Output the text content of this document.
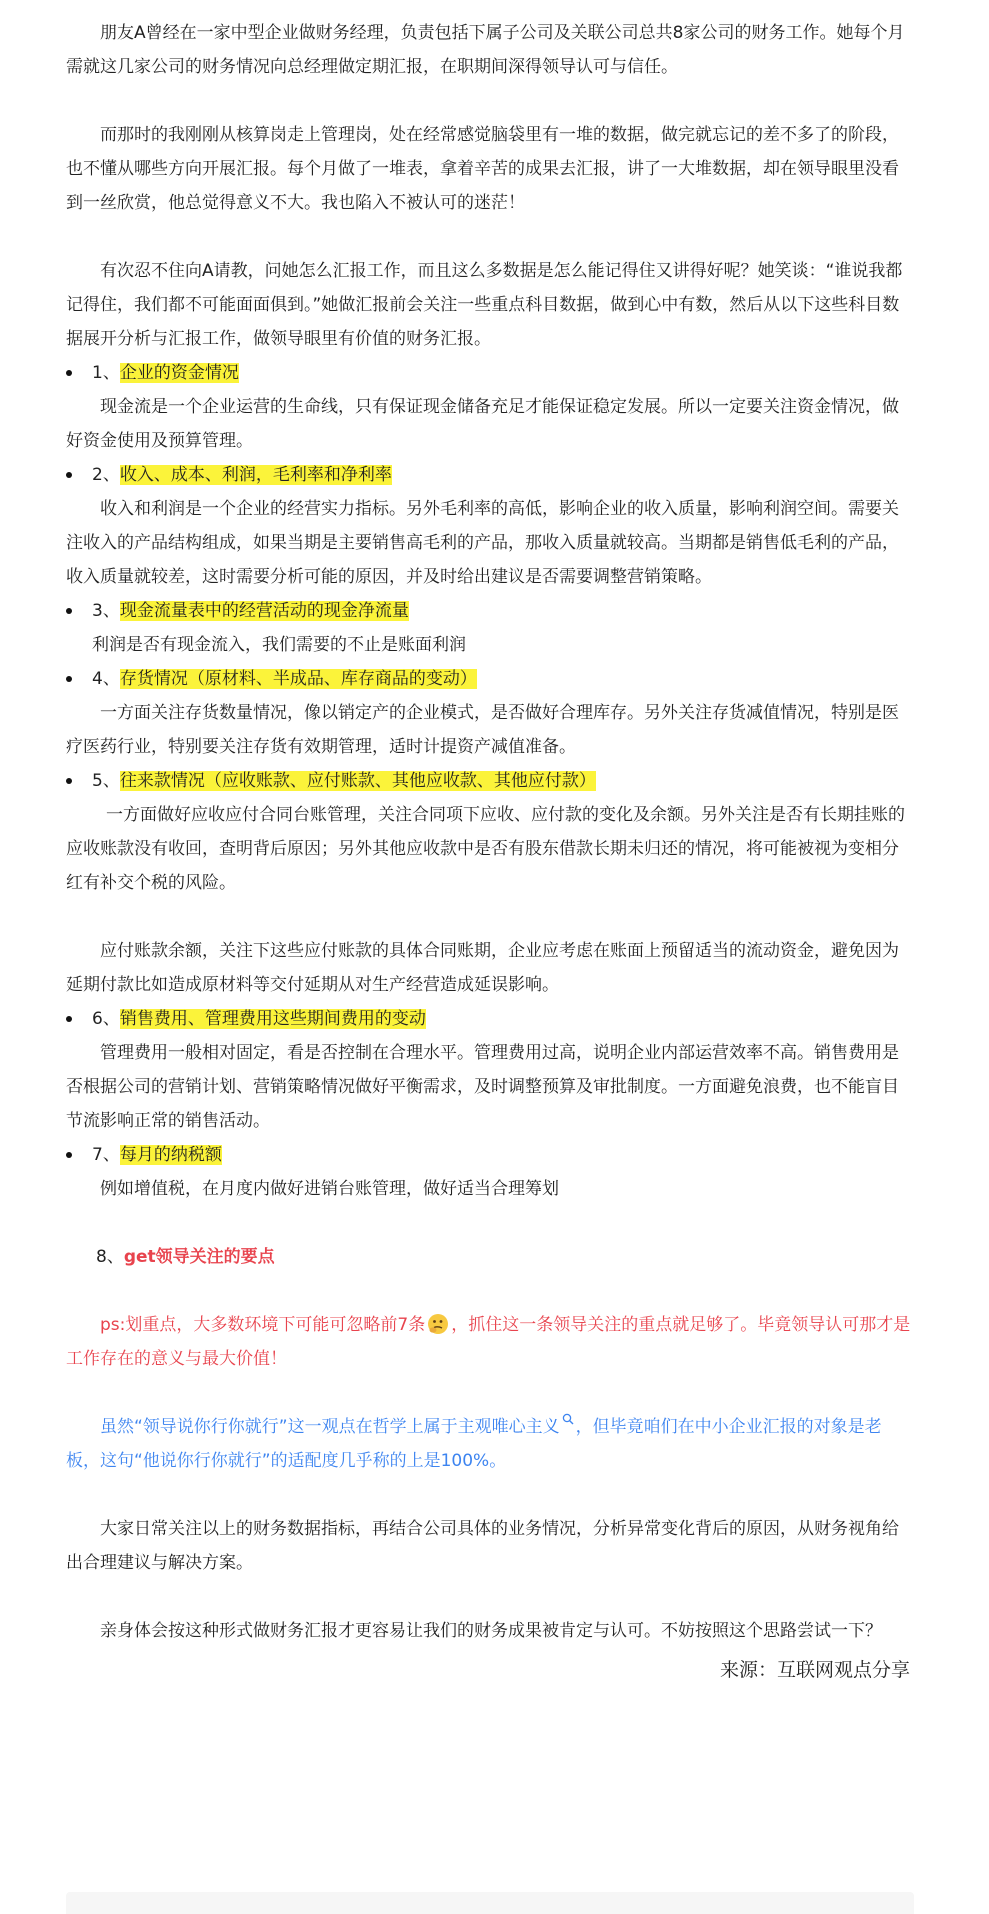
朋友A曾经在一家中型企业做财务经理，负责包括下属子公司及关联公司总共8家公司的财务工作。她每个月需就这几家公司的财务情况向总经理做定期汇报，在职期间深得领导认可与信任。

而那时的我刚刚从核算岗走上管理岗，处在经常感觉脑袋里有一堆的数据，做完就忘记的差不多了的阶段，也不懂从哪些方向开展汇报。每个月做了一堆表，拿着辛苦的成果去汇报，讲了一大堆数据，却在领导眼里没看到一丝欣赏，他总觉得意义不大。我也陷入不被认可的迷茫！

有次忍不住向A请教，问她怎么汇报工作，而且这么多数据是怎么能记得住又讲得好呢？她笑谈：“谁说我都记得住，我们都不可能面面俱到。”她做汇报前会关注一些重点科目数据，做到心中有数，然后从以下这些科目数据展开分析与汇报工作，做领导眼里有价值的财务汇报。

1、企业的资金情况

现金流是一个企业运营的生命线，只有保证现金储备充足才能保证稳定发展。所以一定要关注资金情况，做好资金使用及预算管理。

2、收入、成本、利润，毛利率和净利率

收入和利润是一个企业的经营实力指标。另外毛利率的高低，影响企业的收入质量，影响利润空间。需要关注收入的产品结构组成，如果当期是主要销售高毛利的产品，那收入质量就较高。当期都是销售低毛利的产品，收入质量就较差，这时需要分析可能的原因，并及时给出建议是否需要调整营销策略。

3、现金流量表中的经营活动的现金净流量

利润是否有现金流入，我们需要的不止是账面利润

4、存货情况（原材料、半成品、库存商品的变动）

一方面关注存货数量情况，像以销定产的企业模式，是否做好合理库存。另外关注存货减值情况，特别是医疗医药行业，特别要关注存货有效期管理，适时计提资产减值准备。

5、往来款情况（应收账款、应付账款、其他应收款、其他应付款）

一方面做好应收应付合同台账管理，关注合同项下应收、应付款的变化及余额。另外关注是否有长期挂账的应收账款没有收回，查明背后原因；另外其他应收款中是否有股东借款长期未归还的情况，将可能被视为变相分红有补交个税的风险。

应付账款余额，关注下这些应付账款的具体合同账期，企业应考虑在账面上预留适当的流动资金，避免因为延期付款比如造成原材料等交付延期从对生产经营造成延误影响。

6、销售费用、管理费用这些期间费用的变动

管理费用一般相对固定，看是否控制在合理水平。管理费用过高，说明企业内部运营效率不高。销售费用是否根据公司的营销计划、营销策略情况做好平衡需求，及时调整预算及审批制度。一方面避免浪费，也不能盲目节流影响正常的销售活动。

7、每月的纳税额

例如增值税，在月度内做好进销台账管理，做好适当合理筹划

8、get领导关注的要点

ps:划重点，大多数环境下可能可忽略前7条 ，抓住这一条领导关注的重点就足够了。毕竟领导认可那才是工作存在的意义与最大价值！

虽然“领导说你行你就行”这一观点在哲学上属于主观唯心主义 ，但毕竟咱们在中小企业汇报的对象是老板，这句“他说你行你就行”的适配度几乎称的上是100%。

大家日常关注以上的财务数据指标，再结合公司具体的业务情况，分析异常变化背后的原因，从财务视角给出合理建议与解决方案。

亲身体会按这种形式做财务汇报才更容易让我们的财务成果被肯定与认可。不妨按照这个思路尝试一下？

来源：互联网观点分享
